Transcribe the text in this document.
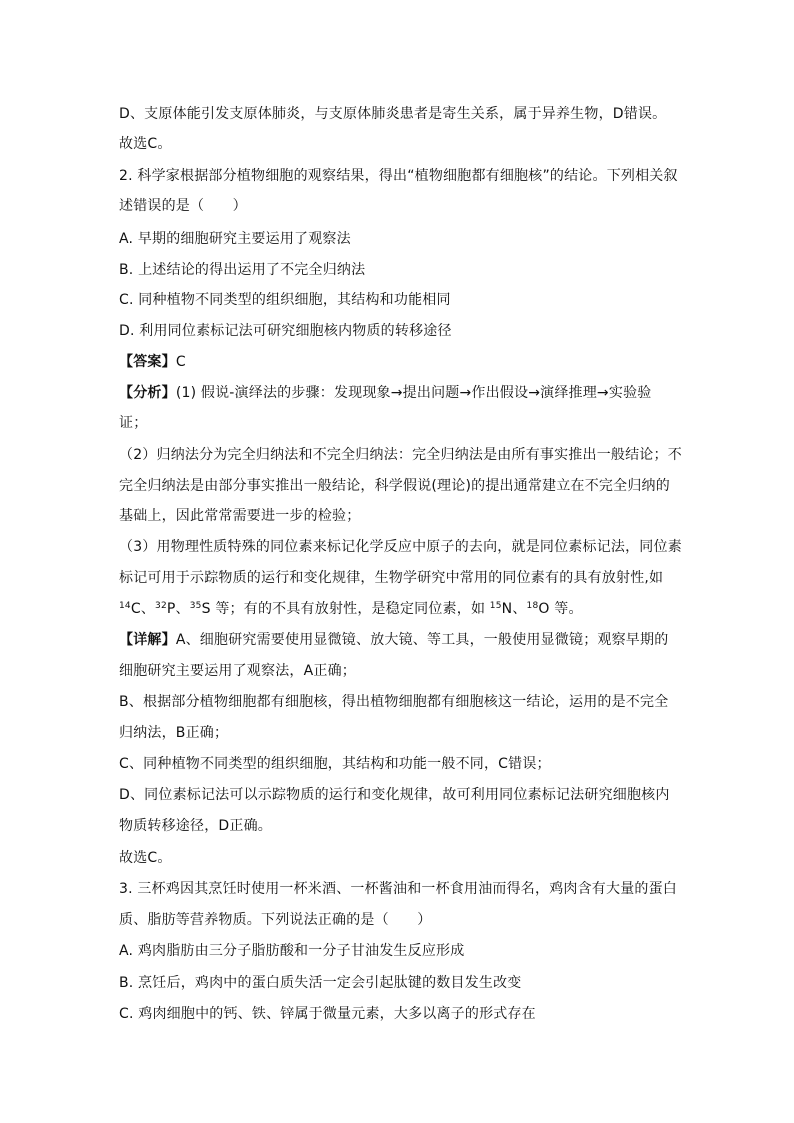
D、支原体能引发支原体肺炎，与支原体肺炎患者是寄生关系，属于异养生物，D错误。
故选C。
2. 科学家根据部分植物细胞的观察结果，得出“植物细胞都有细胞核”的结论。下列相关叙
述错误的是（　　）
A. 早期的细胞研究主要运用了观察法
B. 上述结论的得出运用了不完全归纳法
C. 同种植物不同类型的组织细胞，其结构和功能相同
D. 利用同位素标记法可研究细胞核内物质的转移途径
【答案】C
【分析】(1) 假说-演绎法的步骤：发现现象→提出问题→作出假设→演绎推理→实验验
证；
（2）归纳法分为完全归纳法和不完全归纳法：完全归纳法是由所有事实推出一般结论；不
完全归纳法是由部分事实推出一般结论，科学假说(理论)的提出通常建立在不完全归纳的
基础上，因此常常需要进一步的检验；
（3）用物理性质特殊的同位素来标记化学反应中原子的去向，就是同位素标记法，同位素
标记可用于示踪物质的运行和变化规律，生物学研究中常用的同位素有的具有放射性,如
$^{14}$C、$^{32}$P、$^{35}$S 等；有的不具有放射性，是稳定同位素，如 $^{15}$N、$^{18}$O 等。
【详解】A、细胞研究需要使用显微镜、放大镜、等工具，一般使用显微镜；观察早期的
细胞研究主要运用了观察法，A正确；
B、根据部分植物细胞都有细胞核，得出植物细胞都有细胞核这一结论，运用的是不完全
归纳法，B正确；
C、同种植物不同类型的组织细胞，其结构和功能一般不同，C错误；
D、同位素标记法可以示踪物质的运行和变化规律，故可利用同位素标记法研究细胞核内
物质转移途径，D正确。
故选C。
3. 三杯鸡因其烹饪时使用一杯米酒、一杯酱油和一杯食用油而得名，鸡肉含有大量的蛋白
质、脂肪等营养物质。下列说法正确的是（　　）
A. 鸡肉脂肪由三分子脂肪酸和一分子甘油发生反应形成
B. 烹饪后，鸡肉中的蛋白质失活一定会引起肽键的数目发生改变
C. 鸡肉细胞中的钙、铁、锌属于微量元素，大多以离子的形式存在
